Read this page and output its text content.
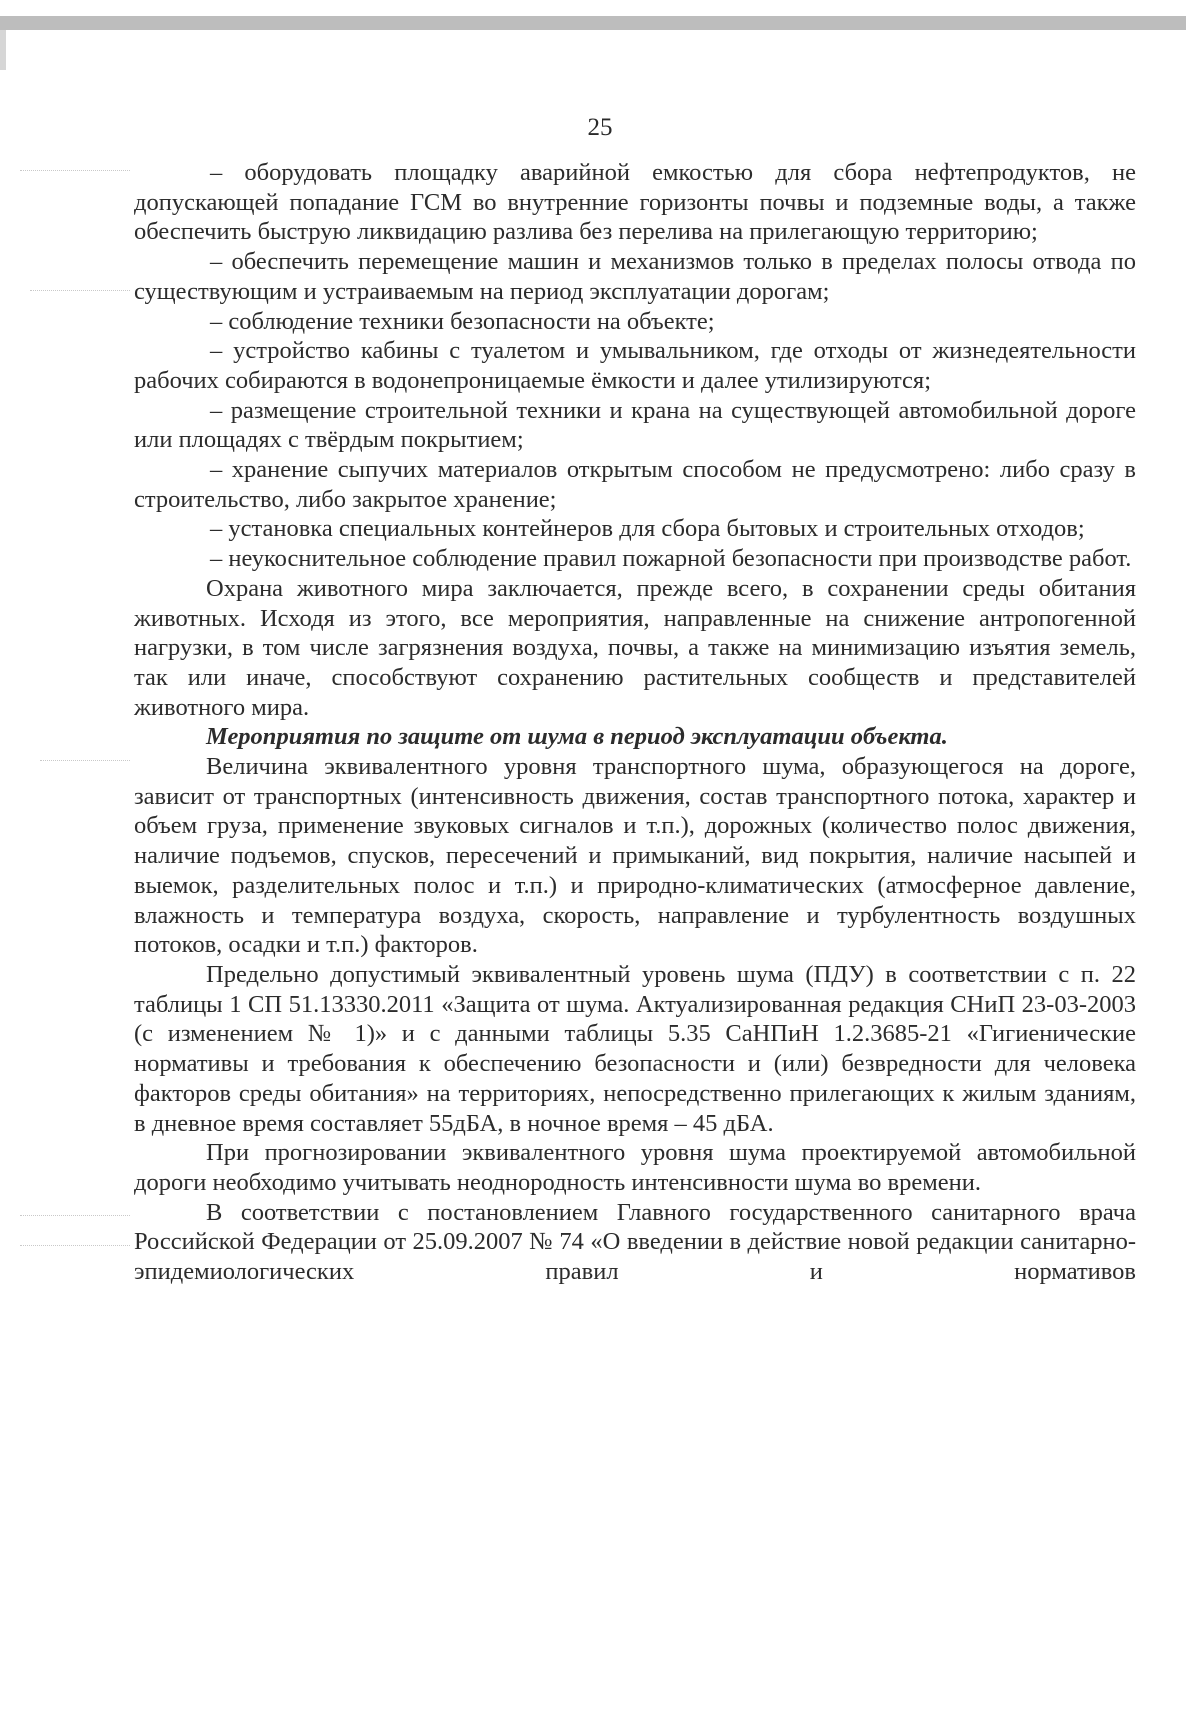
25

– оборудовать площадку аварийной емкостью для сбора нефтепродуктов, не допускающей попадание ГСМ во внутренние горизонты почвы и подземные воды, а также обеспечить быструю ликвидацию разлива без перелива на прилегающую территорию;

– обеспечить перемещение машин и механизмов только в пределах полосы отвода по существующим и устраиваемым на период эксплуатации дорогам;

– соблюдение техники безопасности на объекте;

– устройство кабины с туалетом и умывальником, где отходы от жизнедеятельности рабочих собираются в водонепроницаемые ёмкости и далее утилизируются;

– размещение строительной техники и крана на существующей автомобильной дороге или площадях с твёрдым покрытием;

– хранение сыпучих материалов открытым способом не предусмотрено: либо сразу в строительство, либо закрытое хранение;

– установка специальных контейнеров для сбора бытовых и строительных отходов;

– неукоснительное соблюдение правил пожарной безопасности при производстве работ.

Охрана животного мира заключается, прежде всего, в сохранении среды обитания животных. Исходя из этого, все мероприятия, направленные на снижение антропогенной нагрузки, в том числе загрязнения воздуха, почвы, а также на минимизацию изъятия земель, так или иначе, способствуют сохранению растительных сообществ и представителей животного мира.

Мероприятия по защите от шума в период эксплуатации объекта.

Величина эквивалентного уровня транспортного шума, образующегося на дороге, зависит от транспортных (интенсивность движения, состав транспортного потока, характер и объем груза, применение звуковых сигналов и т.п.), дорожных (количество полос движения, наличие подъемов, спусков, пересечений и примыканий, вид покрытия, наличие насыпей и выемок, разделительных полос и т.п.) и природно-климатических (атмосферное давление, влажность и температура воздуха, скорость, направление и турбулентность воздушных потоков, осадки и т.п.) факторов.

Предельно допустимый эквивалентный уровень шума (ПДУ) в соответствии с п. 22 таблицы 1 СП 51.13330.2011 «Защита от шума. Актуализированная редакция СНиП 23-03-2003 (с изменением № 1)» и с данными таблицы 5.35 СаНПиН 1.2.3685-21 «Гигиенические нормативы и требования к обеспечению безопасности и (или) безвредности для человека факторов среды обитания» на территориях, непосредственно прилегающих к жилым зданиям, в дневное время составляет 55дБА, в ночное время – 45 дБА.

При прогнозировании эквивалентного уровня шума проектируемой автомобильной дороги необходимо учитывать неоднородность интенсивности шума во времени.

В соответствии с постановлением Главного государственного санитарного врача Российской Федерации от 25.09.2007 № 74 «О введении в действие новой редакции санитарно-эпидемиологических правил и нормативов
